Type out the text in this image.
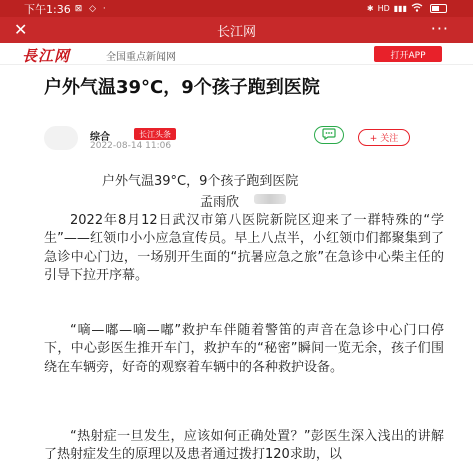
下午1:36 ⊠ ◇ ·	✱ HD ▮▮▮
✕	长江网	···
長江网	全国重点新闻网	打开APP
户外气温39°C，9个孩子跑到医院
综合	长江头条
2022-08-14 11:06
+ 关注
户外气温39°C，9个孩子跑到医院
孟雨欣

2022年8月12日武汉市第八医院新院区迎来了一群特殊的“学生”——红领巾小小应急宣传员。早上八点半，小红领巾们都聚集到了急诊中心门边，一场别开生面的“抗暑应急之旅”在急诊中心柴主任的引导下拉开序幕。

“嘀—嘟—嘀—嘟”救护车伴随着警笛的声音在急诊中心门口停下，中心彭医生推开车门，救护车的“秘密”瞬间一览无余，孩子们围绕在车辆旁，好奇的观察着车辆中的各种救护设备。

“热射症一旦发生，应该如何正确处置？”彭医生深入浅出的讲解了热射症发生的原理以及患者通过拨打120求助，以
